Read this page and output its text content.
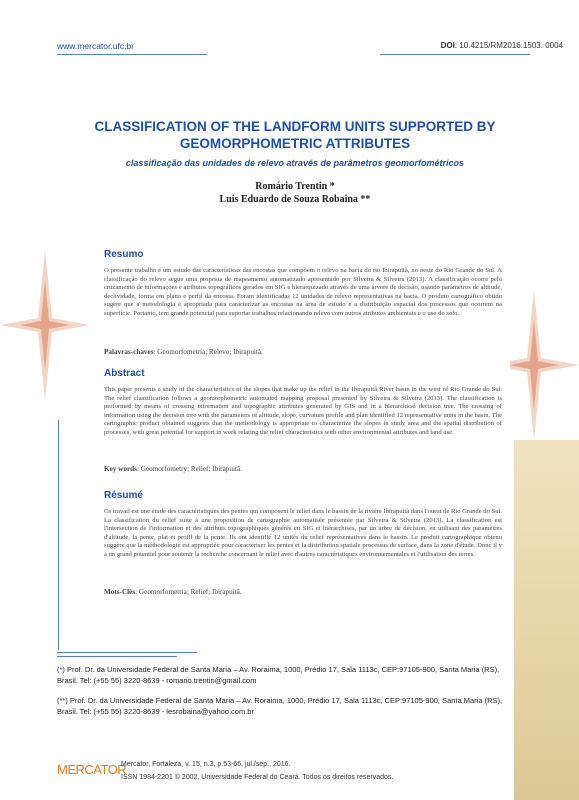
www.mercator.ufc.br	DOI: 10.4215/RM2016.1503. 0004
CLASSIFICATION OF THE LANDFORM UNITS SUPPORTED BY
GEOMORPHOMETRIC ATTRIBUTES
classificação das unidades de relevo através de parâmetros geomorfométricos
Romário Trentin *
Luis Eduardo de Souza Robaina **
Resumo
O presente trabalho é um estudo das características das encostas que compõem o relevo na bacia do rio Ibirapuitã, no oeste do Rio Grande do Sul. A classificação do relevo segue uma proposta de mapeamento automatizado apresentado por Silveira & Silveira (2013). A classificação ocorre pelo cruzamento de informações e atributos topográficos gerados em SIG e hierarquizado através de uma árvore de decisão, usando parâmetros de altitude, declividade, forma em plano e perfil da encosta. Foram identificadas 12 unidades de relevo representativas na bacia. O produto cartográfico obtido sugere que a metodologia é apropriada para caracterizar as encostas na área de estudo e a distribuição espacial dos processos que ocorrem na superfície. Portanto, tem grande potencial para suportar trabalhos relacionando relevo com outros atributos ambientais e o uso do solo.
Palavras-chaves: Geomorfometria; Relevo; Ibirapuitã.
Abstract
This paper presents a study of the characteristics of the slopes that make up the relief in the Ibirapuitã River basin in the west of Rio Grande do Sul. The relief classification follows a geomorphometric automated mapping proposal presented by Silveira & Silveira (2013). The classification is performed by means of crossing information and topographic attributes generated by GIS and in a hierarchical decision tree. The crossing of information using the decision tree with the parameters of altitude, slope, curvature profile and plan identified 12 representative units in the basin. The cartographic product obtained suggests that the methodology is appropriate to characterize the slopes in study area and the spatial distribution of processes, with great potential for support in work relating the relief characteristics with other environmental attributes and land use.
Key words: Geomorfometry; Relief; Ibirapuitã.
Résumé
Ce travail est une étude des caractéristiques des pentes qui composent le relief dans le bassin de la rivière Ibirapuitã dans l'ouest de Rio Grande do Sul. La classification du relief suite à une proposition de cartographie automatisée présentée par Silveira & Silveira (2013). La classification est l'intersection de l'information et des attributs topographiques générés en SIG et hiérarchisés, par un arbre de décision, en utilisant des paramètres d'altitude, la pente, plat et profil de la pente. Ils ont identifié 12 unités du relief représentatives dans le bassin. Le produit cartographique obtenu suggère que la méthodologie est appropriée pour caractériser les pentes et la distribution spatiale processus de surface, dans la zone d'étude. Donc il y a un grand potentiel pour soutenir la recherche concernant le relief avec d'autres caractéristiques environnementales et l'utilisation des terres.
Mots-Clés: Geomorfometria; Relief; Ibirapuitã.
(*) Prof. Dr. da Universidade Federal de Santa Maria – Av. Roraima, 1000, Prédio 17, Sala 1113c, CEP:97105-900, Santa Maria (RS), Brasil. Tel: (+55 55) 3220-8639 - romario.trentin@gmail.com
(**) Prof. Dr. da Universidade Federal de Santa Maria – Av. Roraima, 1000, Prédio 17, Sala 1113c, CEP:97105-900, Santa Maria (RS), Brasil. Tel: (+55 55) 3220-8639 - lesrobaina@yahoo.com.br
MERCATOR
Mercator, Fortaleza, v. 15, n.3, p.53-66, jul./sep., 2016.
ISSN 1984-2201 © 2002, Universidade Federal do Ceará. Todos os direitos reservados.
